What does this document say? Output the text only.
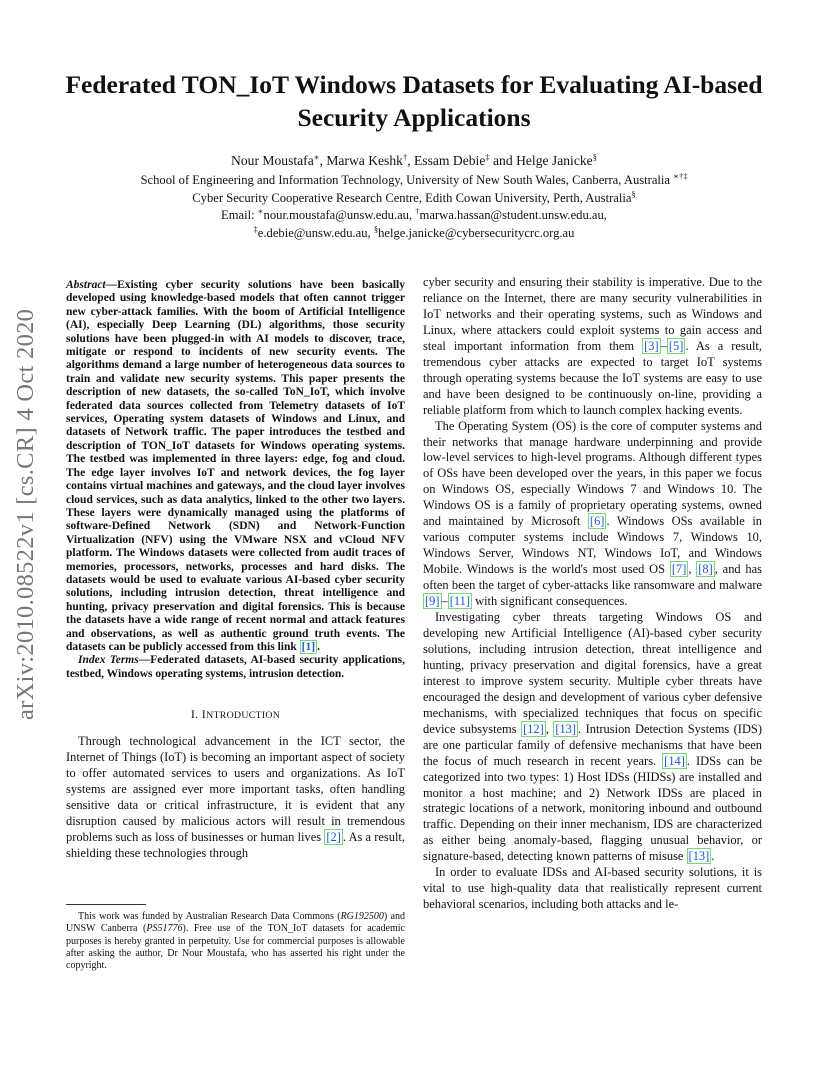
Federated TON_IoT Windows Datasets for Evaluating AI-based Security Applications
Nour Moustafa∗, Marwa Keshk†, Essam Debie‡ and Helge Janicke§
School of Engineering and Information Technology, University of New South Wales, Canberra, Australia ∗†‡
Cyber Security Cooperative Research Centre, Edith Cowan University, Perth, Australia§
Email: ∗nour.moustafa@unsw.edu.au, †marwa.hassan@student.unsw.edu.au,
‡e.debie@unsw.edu.au, §helge.janicke@cybersecuritycrc.org.au
arXiv:2010.08522v1 [cs.CR] 4 Oct 2020

Abstract—Existing cyber security solutions have been basically developed using knowledge-based models that often cannot trigger new cyber-attack families. With the boom of Artificial Intelligence (AI), especially Deep Learning (DL) algorithms, those security solutions have been plugged-in with AI models to discover, trace, mitigate or respond to incidents of new security events. The algorithms demand a large number of heterogeneous data sources to train and validate new security systems. This paper presents the description of new datasets, the so-called ToN_IoT, which involve federated data sources collected from Telemetry datasets of IoT services, Operating system datasets of Windows and Linux, and datasets of Network traffic. The paper introduces the testbed and description of TON_IoT datasets for Windows operating systems. The testbed was implemented in three layers: edge, fog and cloud. The edge layer involves IoT and network devices, the fog layer contains virtual machines and gateways, and the cloud layer involves cloud services, such as data analytics, linked to the other two layers. These layers were dynamically managed using the platforms of software-Defined Network (SDN) and Network-Function Virtualization (NFV) using the VMware NSX and vCloud NFV platform. The Windows datasets were collected from audit traces of memories, processors, networks, processes and hard disks. The datasets would be used to evaluate various AI-based cyber security solutions, including intrusion detection, threat intelligence and hunting, privacy preservation and digital forensics. This is because the datasets have a wide range of recent normal and attack features and observations, as well as authentic ground truth events. The datasets can be publicly accessed from this link [1] .

Index Terms—Federated datasets, AI-based security applications, testbed, Windows operating systems, intrusion detection.

I. INTRODUCTION

Through technological advancement in the ICT sector, the Internet of Things (IoT) is becoming an important aspect of society to offer automated services to users and organizations. As IoT systems are assigned ever more important tasks, often handling sensitive data or critical infrastructure, it is evident that any disruption caused by malicious actors will result in tremendous problems such as loss of businesses or human lives [2] . As a result, shielding these technologies through

This work was funded by Australian Research Data Commons (RG192500) and UNSW Canberra (PS51776). Free use of the TON_IoT datasets for academic purposes is hereby granted in perpetuity. Use for commercial purposes is allowable after asking the author, Dr Nour Moustafa, who has asserted his right under the copyright.

cyber security and ensuring their stability is imperative. Due to the reliance on the Internet, there are many security vulnerabilities in IoT networks and their operating systems, such as Windows and Linux, where attackers could exploit systems to gain access and steal important information from them [3] – [5] . As a result, tremendous cyber attacks are expected to target IoT systems through operating systems because the IoT systems are easy to use and have been designed to be continuously on-line, providing a reliable platform from which to launch complex hacking events.

The Operating System (OS) is the core of computer systems and their networks that manage hardware underpinning and provide low-level services to high-level programs. Although different types of OSs have been developed over the years, in this paper we focus on Windows OS, especially Windows 7 and Windows 10. The Windows OS is a family of proprietary operating systems, owned and maintained by Microsoft [6] . Windows OSs available in various computer systems include Windows 7, Windows 10, Windows Server, Windows NT, Windows IoT, and Windows Mobile. Windows is the world's most used OS [7] , [8] , and has often been the target of cyber-attacks like ransomware and malware [9] – [11] with significant consequences.

Investigating cyber threats targeting Windows OS and developing new Artificial Intelligence (AI)-based cyber security solutions, including intrusion detection, threat intelligence and hunting, privacy preservation and digital forensics, have a great interest to improve system security. Multiple cyber threats have encouraged the design and development of various cyber defensive mechanisms, with specialized techniques that focus on specific device subsystems [12] , [13] . Intrusion Detection Systems (IDS) are one particular family of defensive mechanisms that have been the focus of much research in recent years. [14] . IDSs can be categorized into two types: 1) Host IDSs (HIDSs) are installed and monitor a host machine; and 2) Network IDSs are placed in strategic locations of a network, monitoring inbound and outbound traffic. Depending on their inner mechanism, IDS are characterized as either being anomaly-based, flagging unusual behavior, or signature-based, detecting known patterns of misuse [13] .

In order to evaluate IDSs and AI-based security solutions, it is vital to use high-quality data that realistically represent current behavioral scenarios, including both attacks and le-
